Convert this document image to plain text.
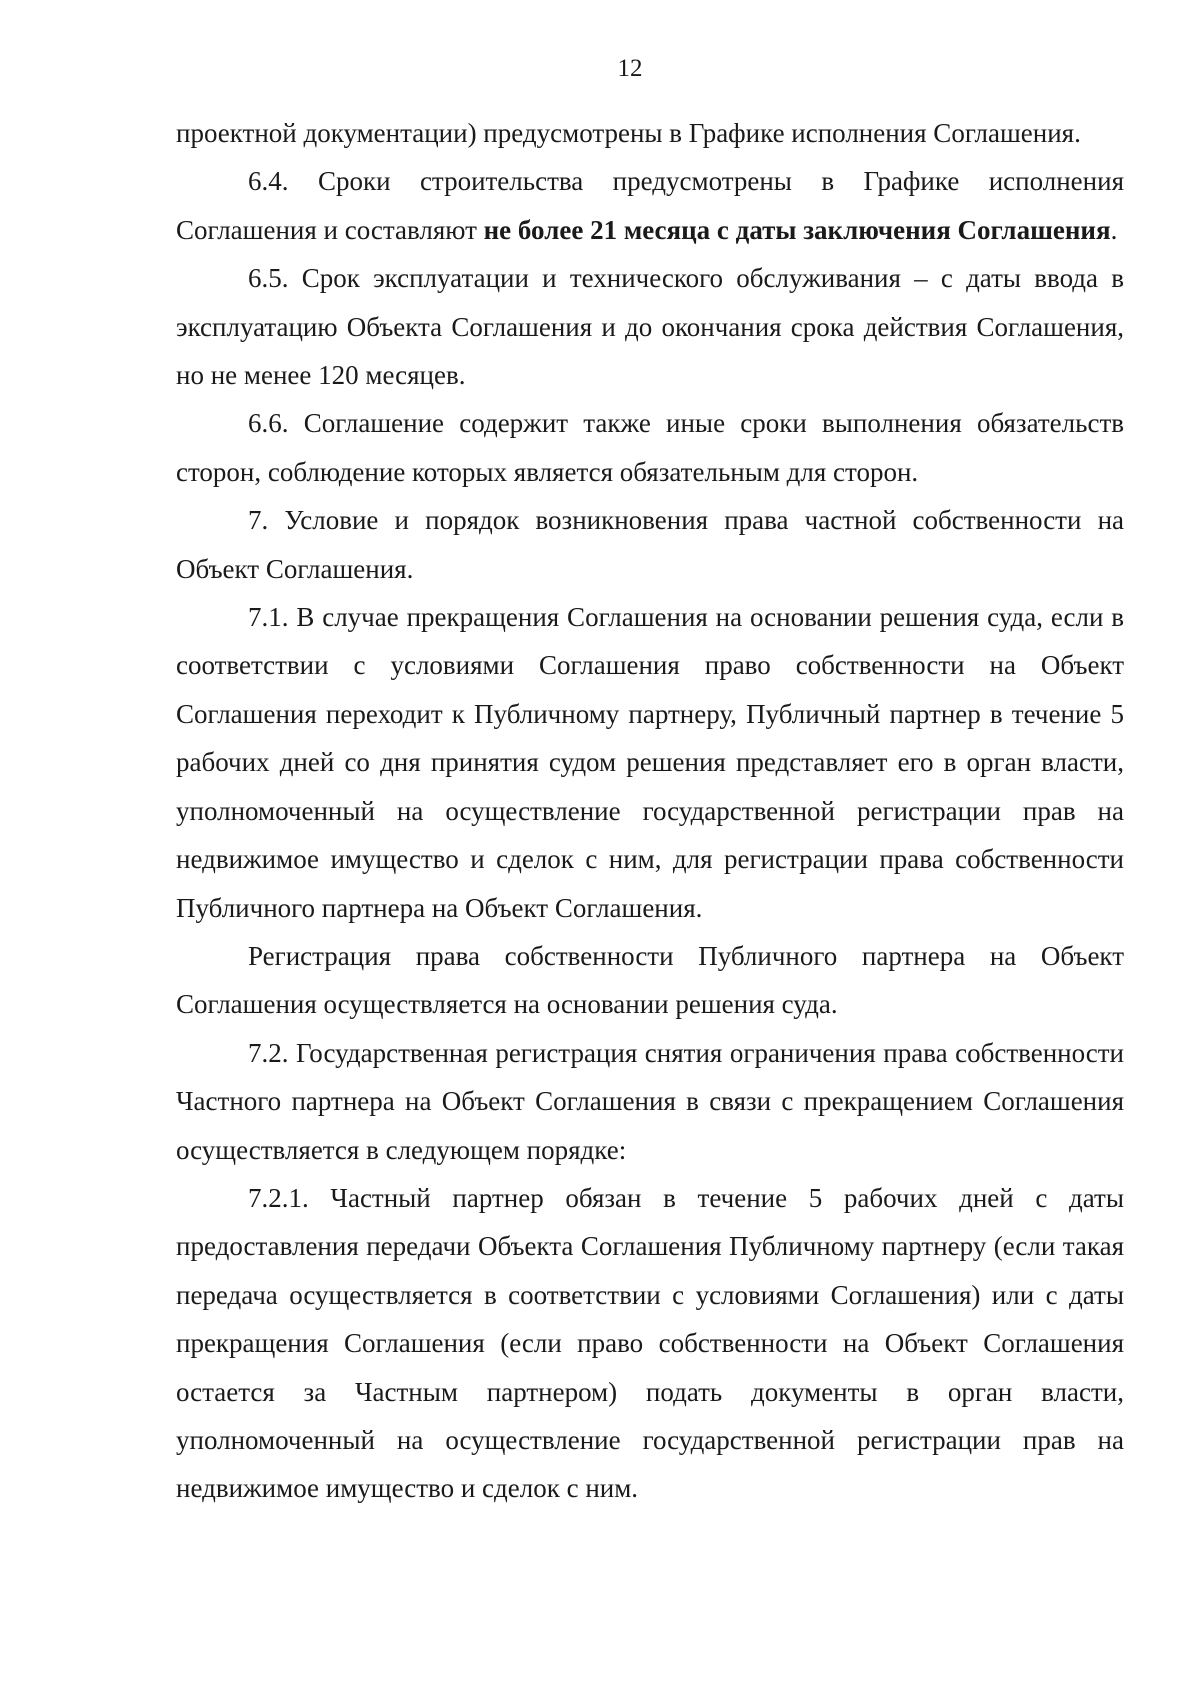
12

проектной документации) предусмотрены в Графике исполнения Соглашения.

6.4. Сроки строительства предусмотрены в Графике исполнения Соглашения и составляют не более 21 месяца с даты заключения Соглашения.

6.5. Срок эксплуатации и технического обслуживания – с даты ввода в эксплуатацию Объекта Соглашения и до окончания срока действия Соглашения, но не менее 120 месяцев.

6.6. Соглашение содержит также иные сроки выполнения обязательств сторон, соблюдение которых является обязательным для сторон.

7. Условие и порядок возникновения права частной собственности на Объект Соглашения.

7.1. В случае прекращения Соглашения на основании решения суда, если в соответствии с условиями Соглашения право собственности на Объект Соглашения переходит к Публичному партнеру, Публичный партнер в течение 5 рабочих дней со дня принятия судом решения представляет его в орган власти, уполномоченный на осуществление государственной регистрации прав на недвижимое имущество и сделок с ним, для регистрации права собственности Публичного партнера на Объект Соглашения.

Регистрация права собственности Публичного партнера на Объект Соглашения осуществляется на основании решения суда.

7.2. Государственная регистрация снятия ограничения права собственности Частного партнера на Объект Соглашения в связи с прекращением Соглашения осуществляется в следующем порядке:

7.2.1. Частный партнер обязан в течение 5 рабочих дней с даты предоставления передачи Объекта Соглашения Публичному партнеру (если такая передача осуществляется в соответствии с условиями Соглашения) или с даты прекращения Соглашения (если право собственности на Объект Соглашения остается за Частным партнером) подать документы в орган власти, уполномоченный на осуществление государственной регистрации прав на недвижимое имущество и сделок с ним.
